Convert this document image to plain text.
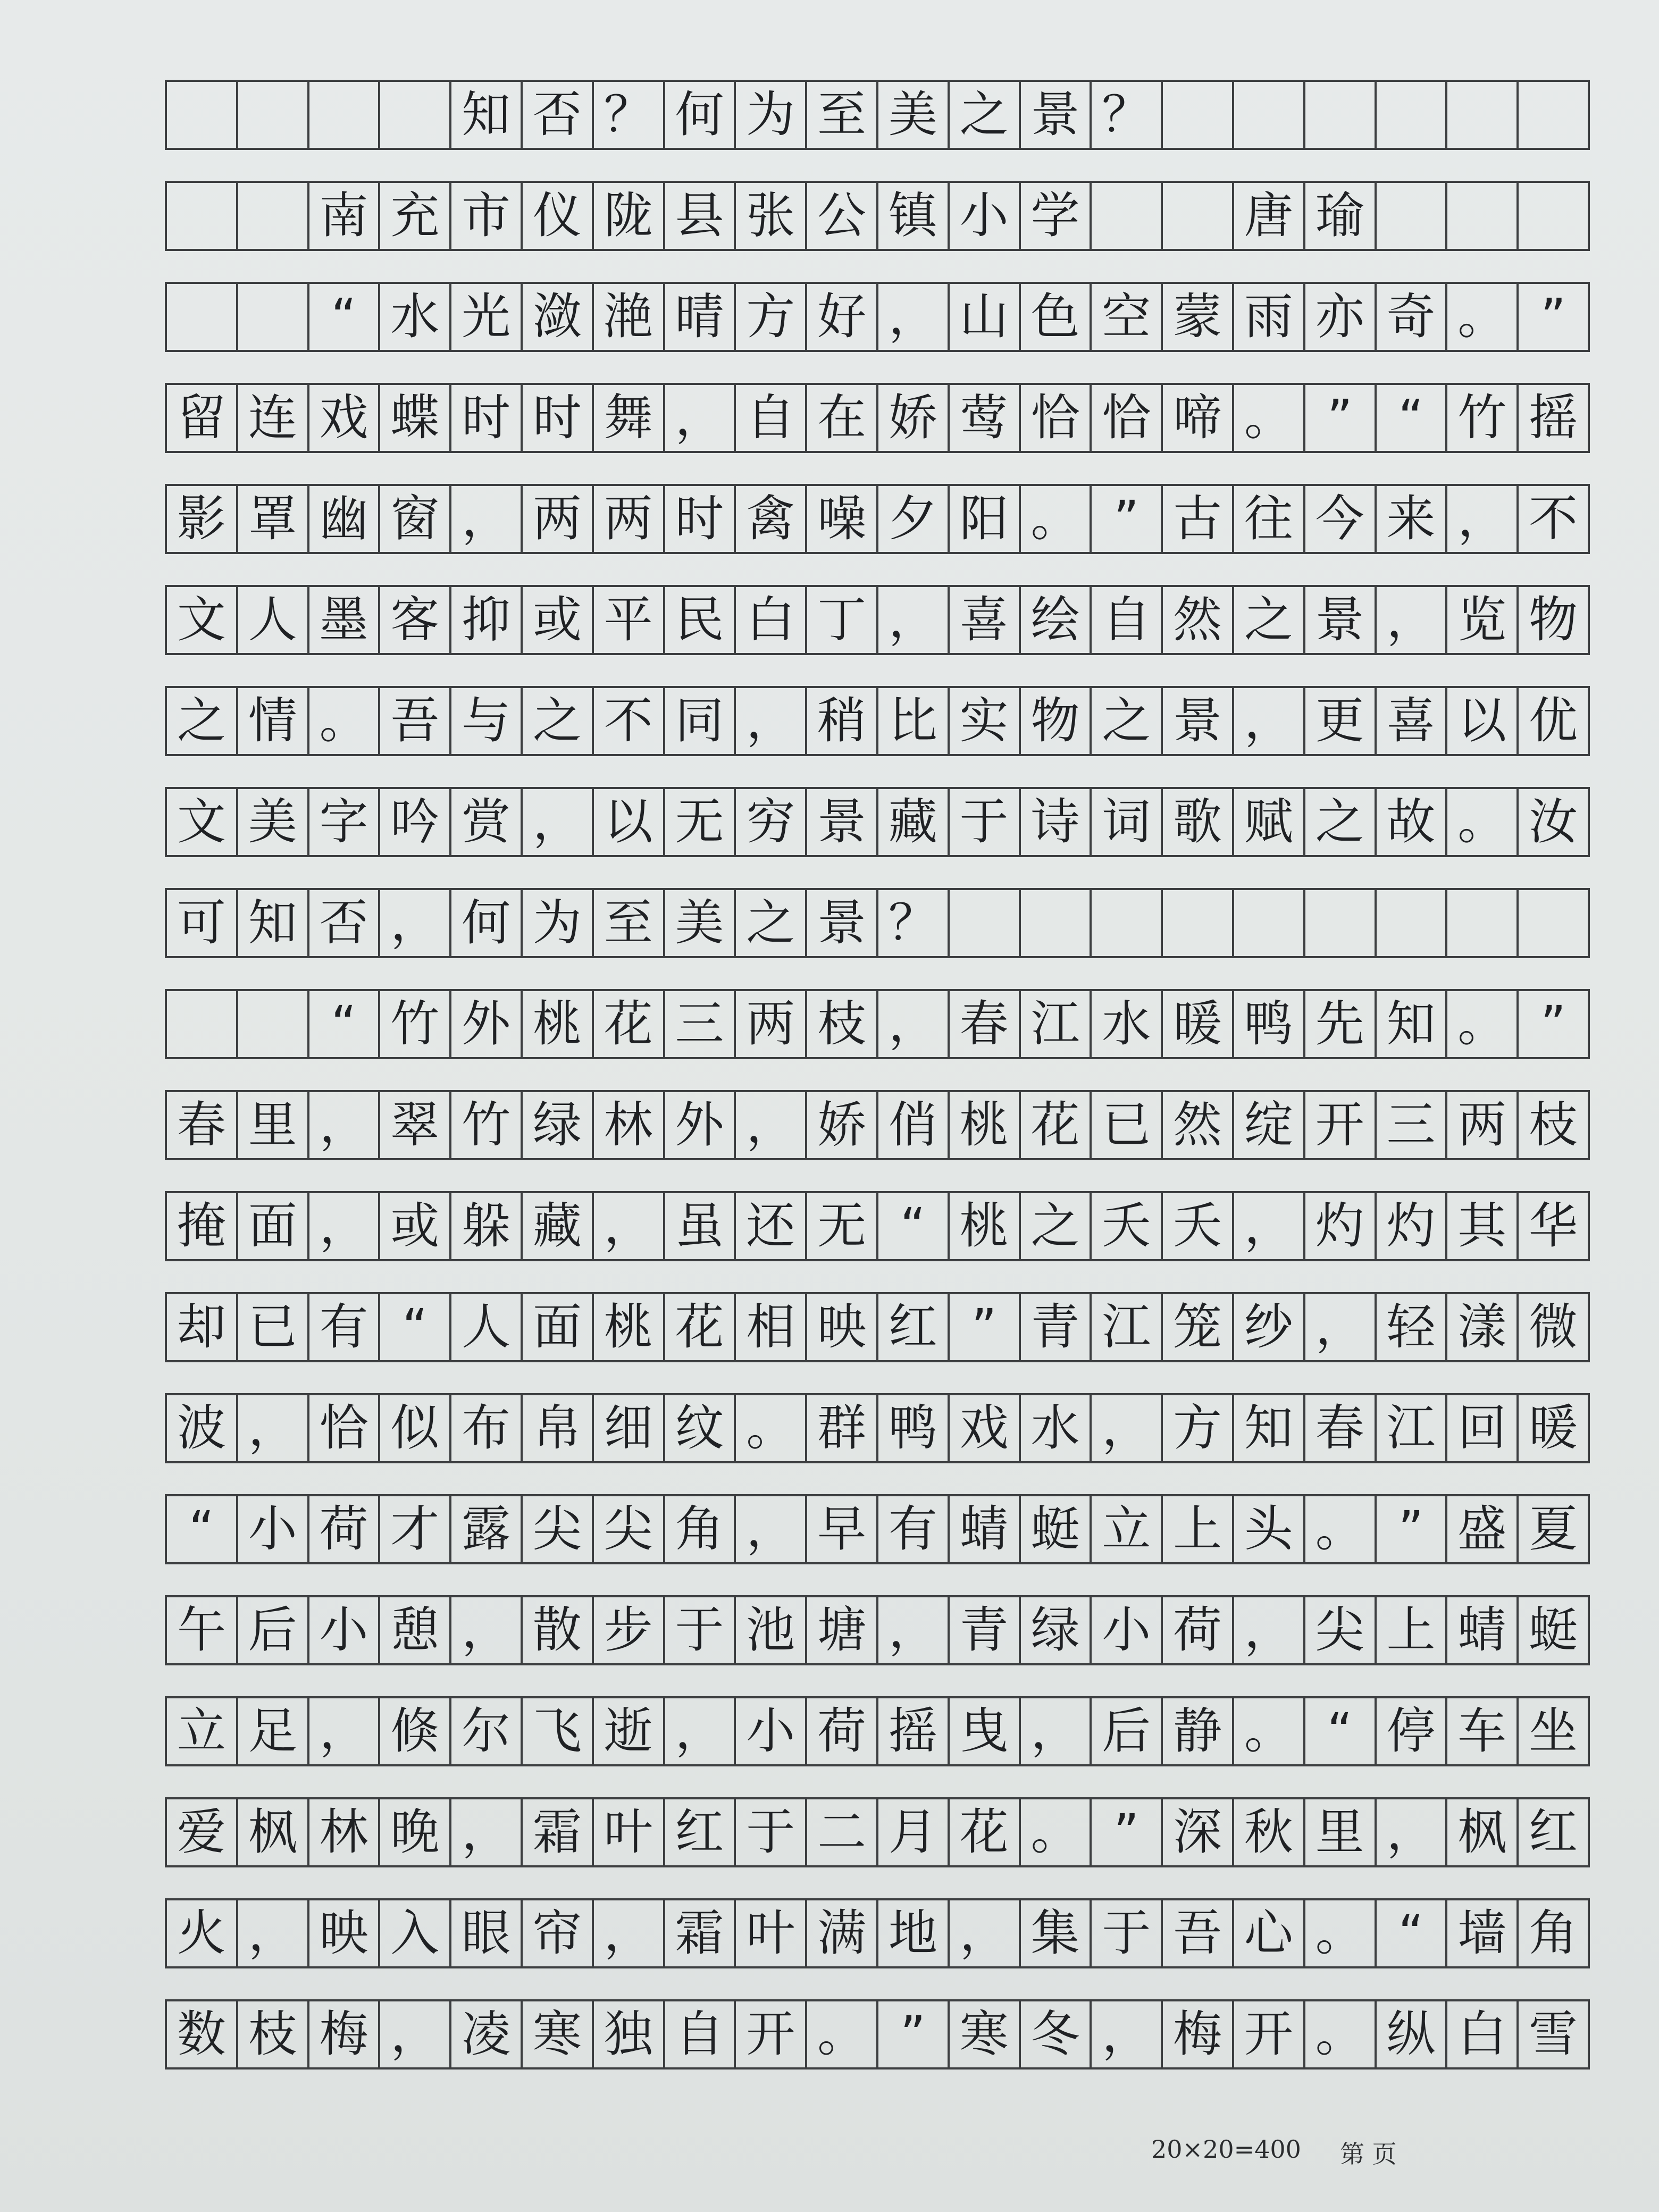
知 否 ？ 何 为 至 美 之 景 ？
南 充 市 仪 陇 县 张 公 镇 小 学	唐 瑜
“ 水 光 潋 滟 晴 方 好 ， 山 色 空 蒙 雨 亦 奇 。 ”
留 连 戏 蝶 时 时 舞 ， 自 在 娇 莺 恰 恰 啼 。 ” “ 竹 摇
影 罩 幽 窗 ， 两 两 时 禽 噪 夕 阳 。 ” 古 往 今 来 ， 不
文 人 墨 客 抑 或 平 民 白 丁 ， 喜 绘 自 然 之 景 ， 览 物
之 情 。 吾 与 之 不 同 ， 稍 比 实 物 之 景 ， 更 喜 以 优
文 美 字 吟 赏 ， 以 无 穷 景 藏 于 诗 词 歌 赋 之 故 。 汝
可 知 否 ， 何 为 至 美 之 景 ？
“ 竹 外 桃 花 三 两 枝 ， 春 江 水 暖 鸭 先 知 。 ”
春 里 ， 翠 竹 绿 林 外 ， 娇 俏 桃 花 已 然 绽 开 三 两 枝
掩 面 ， 或 躲 藏 ， 虽 还 无 “ 桃 之 夭 夭 ， 灼 灼 其 华
却 已 有 “ 人 面 桃 花 相 映 红 ” 青 江 笼 纱 ， 轻 漾 微
波 ， 恰 似 布 帛 细 纹 。 群 鸭 戏 水 ， 方 知 春 江 回 暖
“ 小 荷 才 露 尖 尖 角 ， 早 有 蜻 蜓 立 上 头 。 ” 盛 夏
午 后 小 憩 ， 散 步 于 池 塘 ， 青 绿 小 荷 ， 尖 上 蜻 蜓
立 足 ， 倏 尔 飞 逝 ， 小 荷 摇 曳 ， 后 静 。 “ 停 车 坐
爱 枫 林 晚 ， 霜 叶 红 于 二 月 花 。 ” 深 秋 里 ， 枫 红
火 ， 映 入 眼 帘 ， 霜 叶 满 地 ， 集 于 吾 心 。 “ 墙 角
数 枝 梅 ， 凌 寒 独 自 开 。 ” 寒 冬 ， 梅 开 。 纵 白 雪
20×20=400 第 页
